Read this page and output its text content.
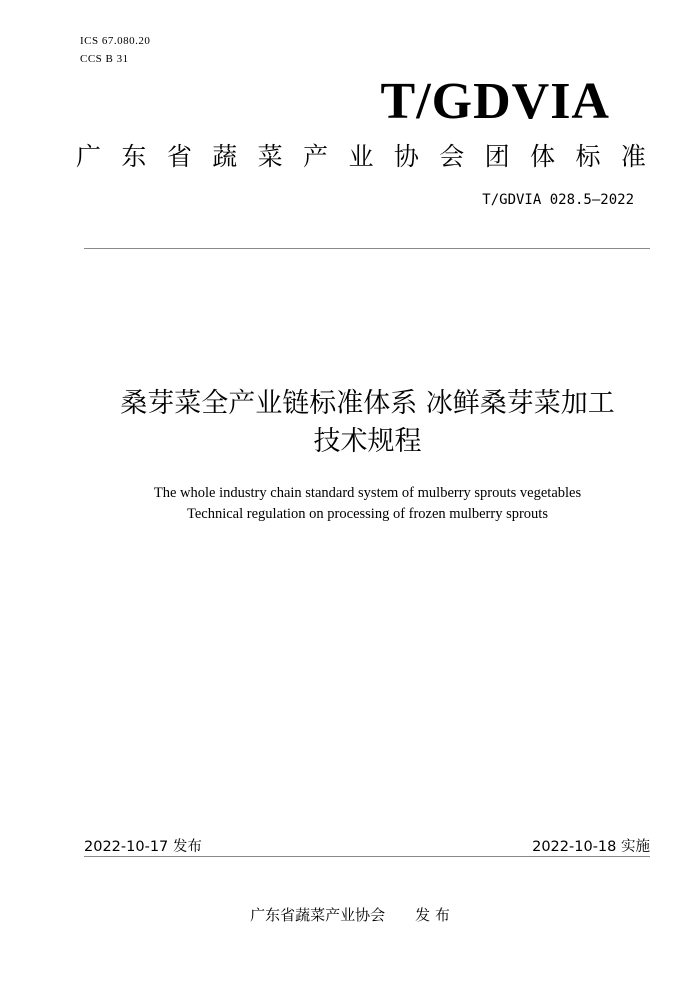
ICS 67.080.20
CCS B 31
T/GDVIA
广 东 省 蔬 菜 产 业 协 会 团 体 标 准
T/GDVIA 028.5—2022
桑芽菜全产业链标准体系 冰鲜桑芽菜加工
技术规程
The whole industry chain standard system of mulberry sprouts vegetables
Technical regulation on processing of frozen mulberry sprouts
2022-10-17 发布	2022-10-18 实施
广东省蔬菜产业协会 发 布
